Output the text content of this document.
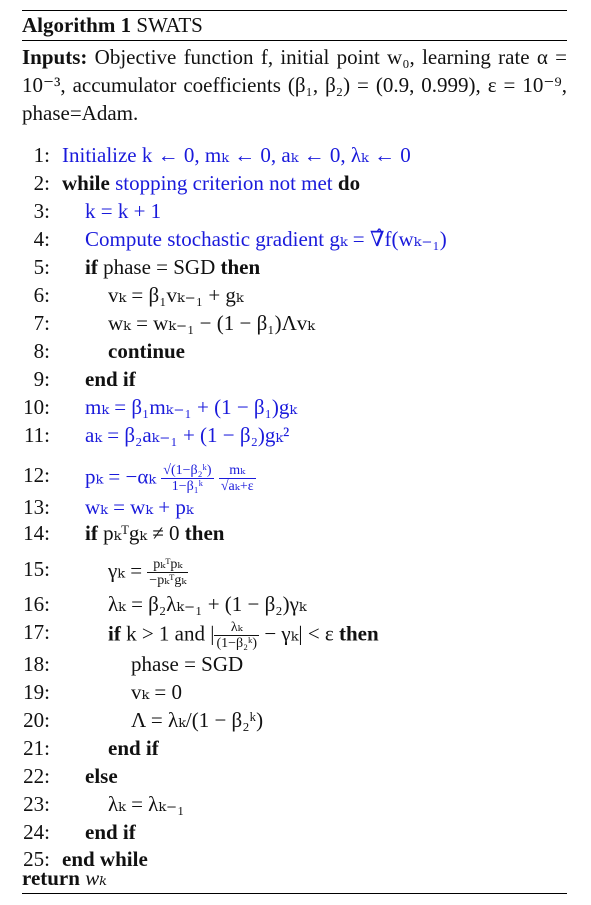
Algorithm 1 SWATS
Inputs: Objective function f, initial point w₀, learning rate α = 10⁻³, accumulator coefficients (β₁, β₂) = (0.9, 0.999), ε = 10⁻⁹, phase=Adam.
1: Initialize k ← 0, mₖ ← 0, aₖ ← 0, λₖ ← 0
2: while stopping criterion not met do
3: k = k + 1
4: Compute stochastic gradient gₖ = ∇̂f(wₖ₋₁)
5: if phase = SGD then
6:	vₖ = β₁vₖ₋₁ + gₖ
7:	wₖ = wₖ₋₁ − (1 − β₁)Λvₖ
8:	continue
9: end if
10: mₖ = β₁mₖ₋₁ + (1 − β₁)gₖ
11: aₖ = β₂aₖ₋₁ + (1 − β₂)gₖ²
12: $p_k = -\alpha_k \frac{\text{√(1−β₂ᵏ)}}{\text{1−β₁ᵏ}}$
$\frac{\text{mₖ}}{\text{√aₖ+ε}}$
13: wₖ = wₖ + pₖ
14: if pₖᵀgₖ ≠ 0 then
15:	$\gamma_k = \frac{\text{pₖᵀpₖ}}{\text{−pₖᵀgₖ}}$
16:	λₖ = β₂λₖ₋₁ + (1 − β₂)γₖ
17:	if k > 1 and | $\frac{\text{λₖ}}{\text{(1−β₂ᵏ)}} - \gamma_k| < \varepsilon$ then
18:	phase = SGD
19:	vₖ = 0
20:	Λ = λₖ/(1 − β₂ᵏ)
21:	end if
22: else
23:	λₖ = λₖ₋₁
24: end if
25: end while
return wₖ
